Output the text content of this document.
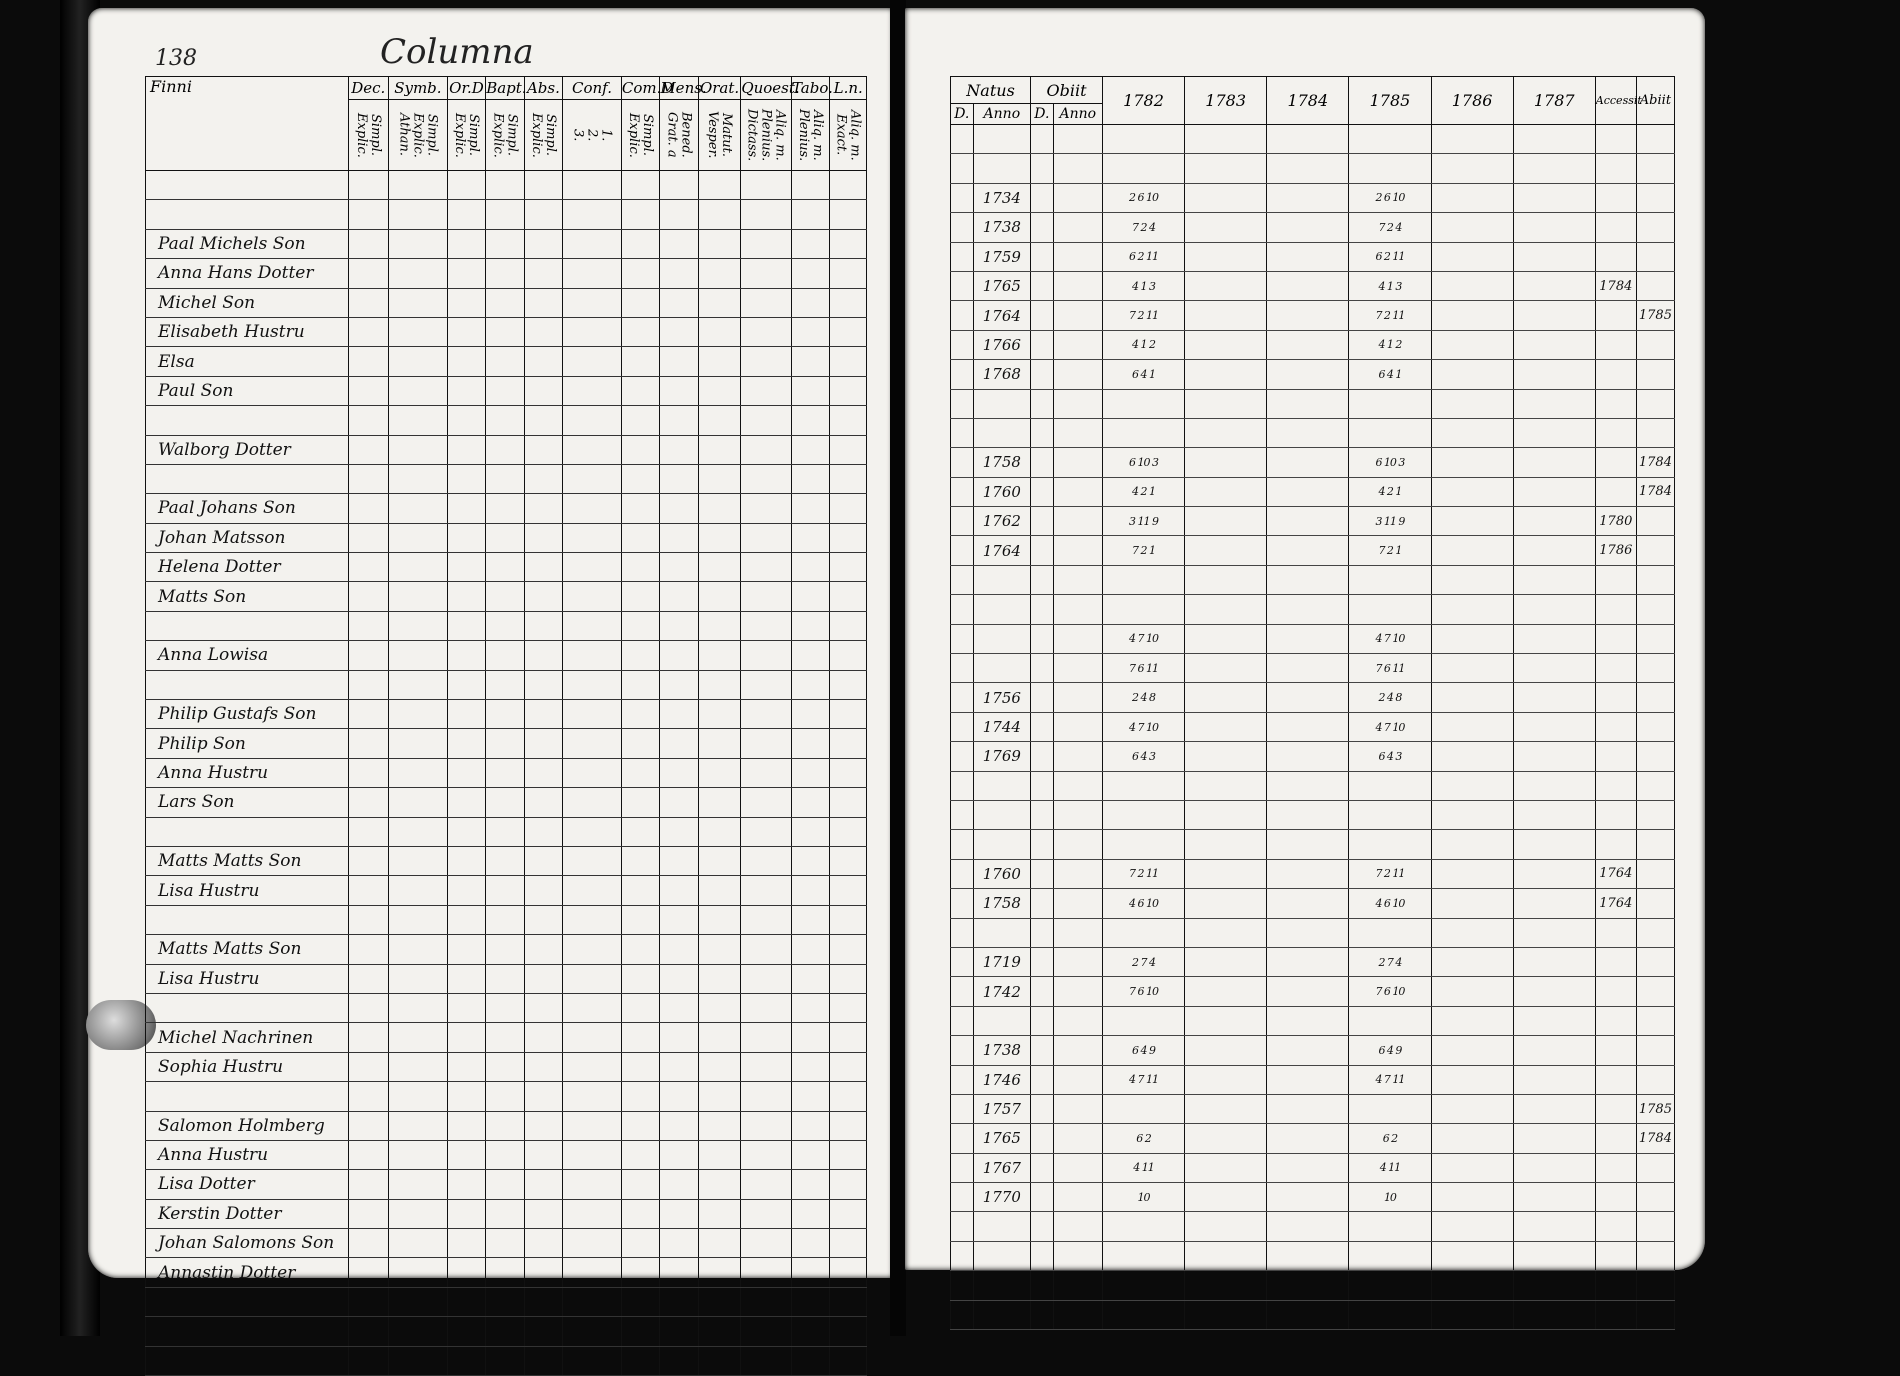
138	Columna
Finni	Dec.	Symb.	Or.D	Bapt.	Abs.	Conf.	Com.D	Mens.	Orat.	Quoest.	Tabo.	L.n.

	Explic. Simpl.	Athan. Explic. Simpl.	Explic. Simpl.	Explic. Simpl.	Explic. Simpl.	3. 2. 1.	Explic. Simpl.	Grat. a Bened.	Vesper. Matut.	Dictass. Plenius. Aliq. m.	Plenius. Aliq. m.	Exact. Aliq. m.

Paal Michels Son												
Anna Hans Dotter												
Michel Son												
Elisabeth Hustru												
Elsa												
Paul Son												

Walborg Dotter												

Paal Johans Son												
Johan Matsson												
Helena Dotter												
Matts Son												

Anna Lowisa												

Philip Gustafs Son												
Philip Son												
Anna Hustru												
Lars Son												

Matts Matts Son												
Lisa Hustru												

Matts Matts Son												
Lisa Hustru												

Michel Nachrinen												
Sophia Hustru												

Salomon Holmberg												
Anna Hustru												
Lisa Dotter												
Kerstin Dotter												
Johan Salomons Son												
Annastin Dotter												

Natus		Obiit		1782	1783	1784	1785	1786	1787	Accessit	Abiit
D.	Anno	D.	Anno								

	1734			2 6 10			2 6 10				
	1738			7 2 4			7 2 4				
	1759			6 2 11			6 2 11				
	1765			4 1 3			4 1 3			1784	
	1764			7 2 11			7 2 11				1785
	1766			4 1 2			4 1 2				
	1768			6 4 1			6 4 1				

	1758			6 10 3			6 10 3				1784
	1760			4 2 1			4 2 1				1784
	1762			3 11 9			3 11 9			1780	
	1764			7 2 1			7 2 1			1786	

				4 7 10			4 7 10				
				7 6 11			7 6 11				
	1756			2 4 8			2 4 8				
	1744			4 7 10			4 7 10				
	1769			6 4 3			6 4 3				

	1760			7 2 11			7 2 11			1764	
	1758			4 6 10			4 6 10			1764	

	1719			2 7 4			2 7 4				
	1742			7 6 10			7 6 10				

	1738			6 4 9			6 4 9				
	1746			4 7 11			4 7 11				
	1757										1785
	1765			6 2			6 2				1784
	1767			4 11			4 11				
	1770			10			10				
